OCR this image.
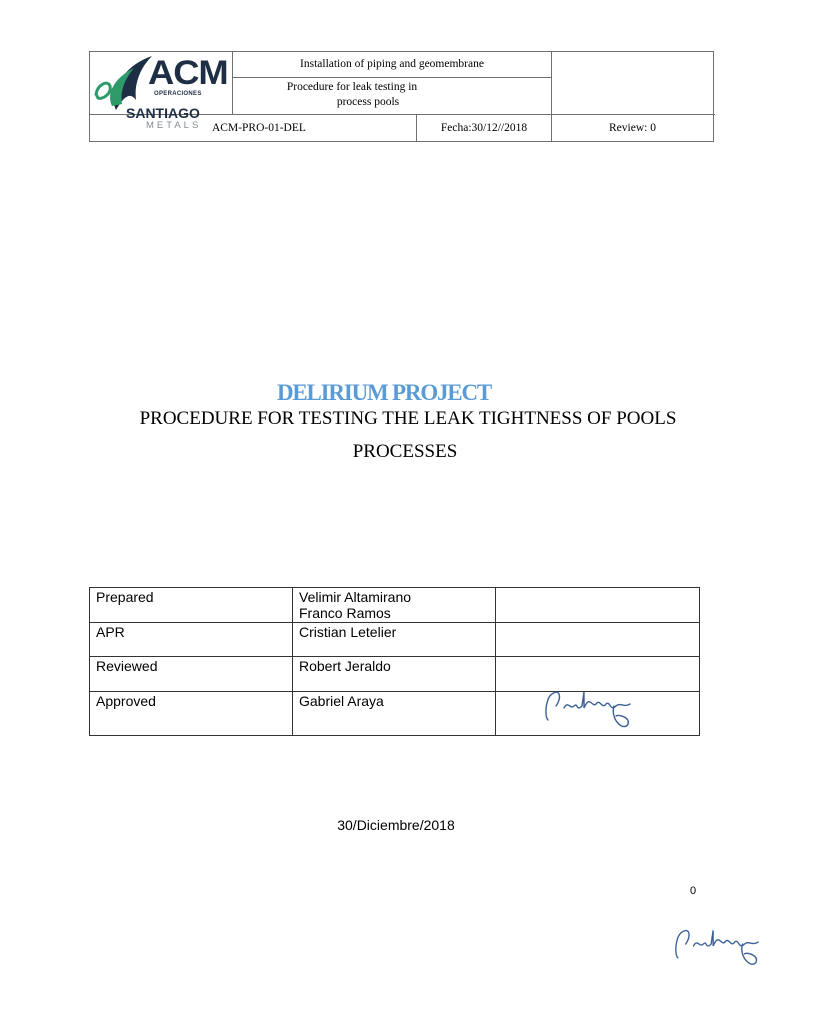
ACM
OPERACIONES
SANTIAGO
METALS
Installation of piping and geomembrane
Procedure for leak testing in
process pools
ACM-PRO-01-DEL	Fecha:30/12//2018	Review: 0
DELIRIUM PROJECT
PROCEDURE FOR TESTING THE LEAK TIGHTNESS OF POOLS
PROCESSES
Prepared	Velimir Altamirano
Franco Ramos	

APR	Cristian Letelier	
Reviewed	Robert Jeraldo	
Approved	Gabriel Araya	
30/Diciembre/2018
0
